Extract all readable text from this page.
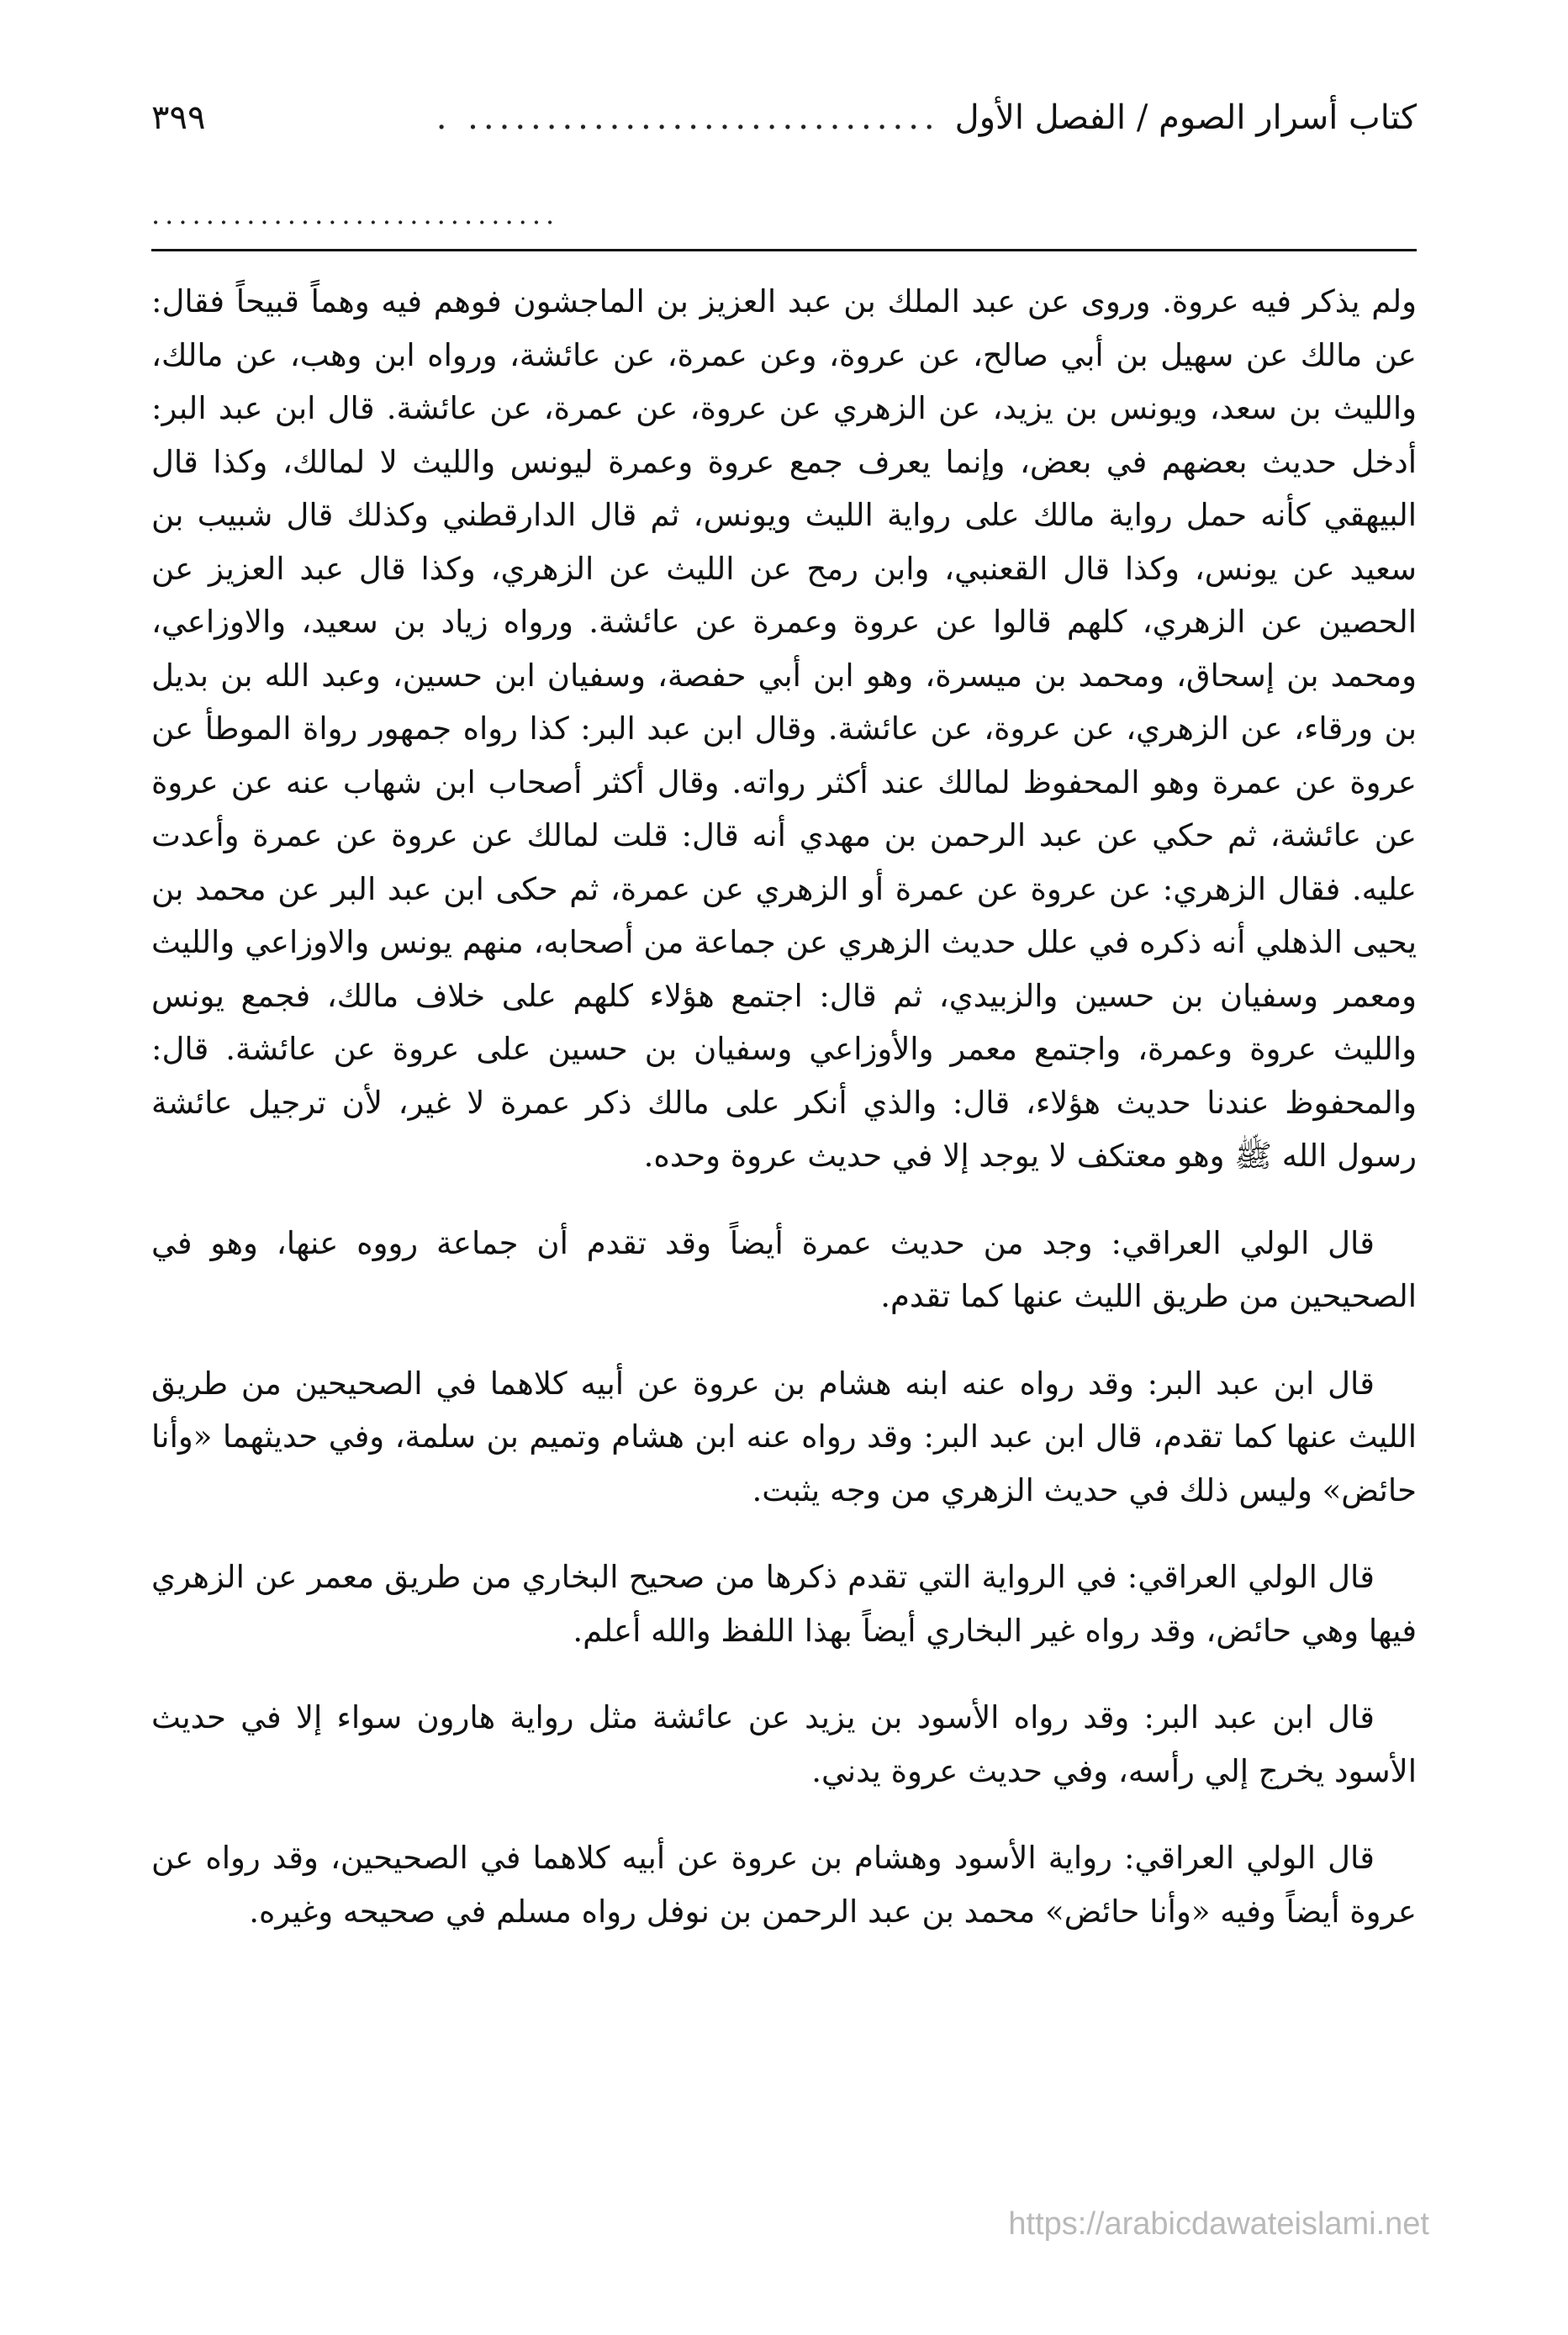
كتاب أسرار الصوم / الفصل الأول
.............................. .
٣٩٩
..............................

ولم يذكر فيه عروة. وروى عن عبد الملك بن عبد العزيز بن الماجشون فوهم فيه وهماً قبيحاً فقال: عن مالك عن سهيل بن أبي صالح، عن عروة، وعن عمرة، عن عائشة، ورواه ابن وهب، عن مالك، والليث بن سعد، ويونس بن يزيد، عن الزهري عن عروة، عن عمرة، عن عائشة. قال ابن عبد البر: أدخل حديث بعضهم في بعض، وإنما يعرف جمع عروة وعمرة ليونس والليث لا لمالك، وكذا قال البيهقي كأنه حمل رواية مالك على رواية الليث ويونس، ثم قال الدارقطني وكذلك قال شبيب بن سعيد عن يونس، وكذا قال القعنبي، وابن رمح عن الليث عن الزهري، وكذا قال عبد العزيز عن الحصين عن الزهري، كلهم قالوا عن عروة وعمرة عن عائشة. ورواه زياد بن سعيد، والاوزاعي، ومحمد بن إسحاق، ومحمد بن ميسرة، وهو ابن أبي حفصة، وسفيان ابن حسين، وعبد الله بن بديل بن ورقاء، عن الزهري، عن عروة، عن عائشة. وقال ابن عبد البر: كذا رواه جمهور رواة الموطأ عن عروة عن عمرة وهو المحفوظ لمالك عند أكثر رواته. وقال أكثر أصحاب ابن شهاب عنه عن عروة عن عائشة، ثم حكي عن عبد الرحمن بن مهدي أنه قال: قلت لمالك عن عروة عن عمرة وأعدت عليه. فقال الزهري: عن عروة عن عمرة أو الزهري عن عمرة، ثم حكى ابن عبد البر عن محمد بن يحيى الذهلي أنه ذكره في علل حديث الزهري عن جماعة من أصحابه، منهم يونس والاوزاعي والليث ومعمر وسفيان بن حسين والزبيدي، ثم قال: اجتمع هؤلاء كلهم على خلاف مالك، فجمع يونس والليث عروة وعمرة، واجتمع معمر والأوزاعي وسفيان بن حسين على عروة عن عائشة. قال: والمحفوظ عندنا حديث هؤلاء، قال: والذي أنكر على مالك ذكر عمرة لا غير، لأن ترجيل عائشة رسول الله ﷺ وهو معتكف لا يوجد إلا في حديث عروة وحده.

قال الولي العراقي: وجد من حديث عمرة أيضاً وقد تقدم أن جماعة رووه عنها، وهو في الصحيحين من طريق الليث عنها كما تقدم.

قال ابن عبد البر: وقد رواه عنه ابنه هشام بن عروة عن أبيه كلاهما في الصحيحين من طريق الليث عنها كما تقدم، قال ابن عبد البر: وقد رواه عنه ابن هشام وتميم بن سلمة، وفي حديثهما «وأنا حائض» وليس ذلك في حديث الزهري من وجه يثبت.

قال الولي العراقي: في الرواية التي تقدم ذكرها من صحيح البخاري من طريق معمر عن الزهري فيها وهي حائض، وقد رواه غير البخاري أيضاً بهذا اللفظ والله أعلم.

قال ابن عبد البر: وقد رواه الأسود بن يزيد عن عائشة مثل رواية هارون سواء إلا في حديث الأسود يخرج إلي رأسه، وفي حديث عروة يدني.

قال الولي العراقي: رواية الأسود وهشام بن عروة عن أبيه كلاهما في الصحيحين، وقد رواه عن عروة أيضاً وفيه «وأنا حائض» محمد بن عبد الرحمن بن نوفل رواه مسلم في صحيحه وغيره.

https://arabicdawateislami.net
